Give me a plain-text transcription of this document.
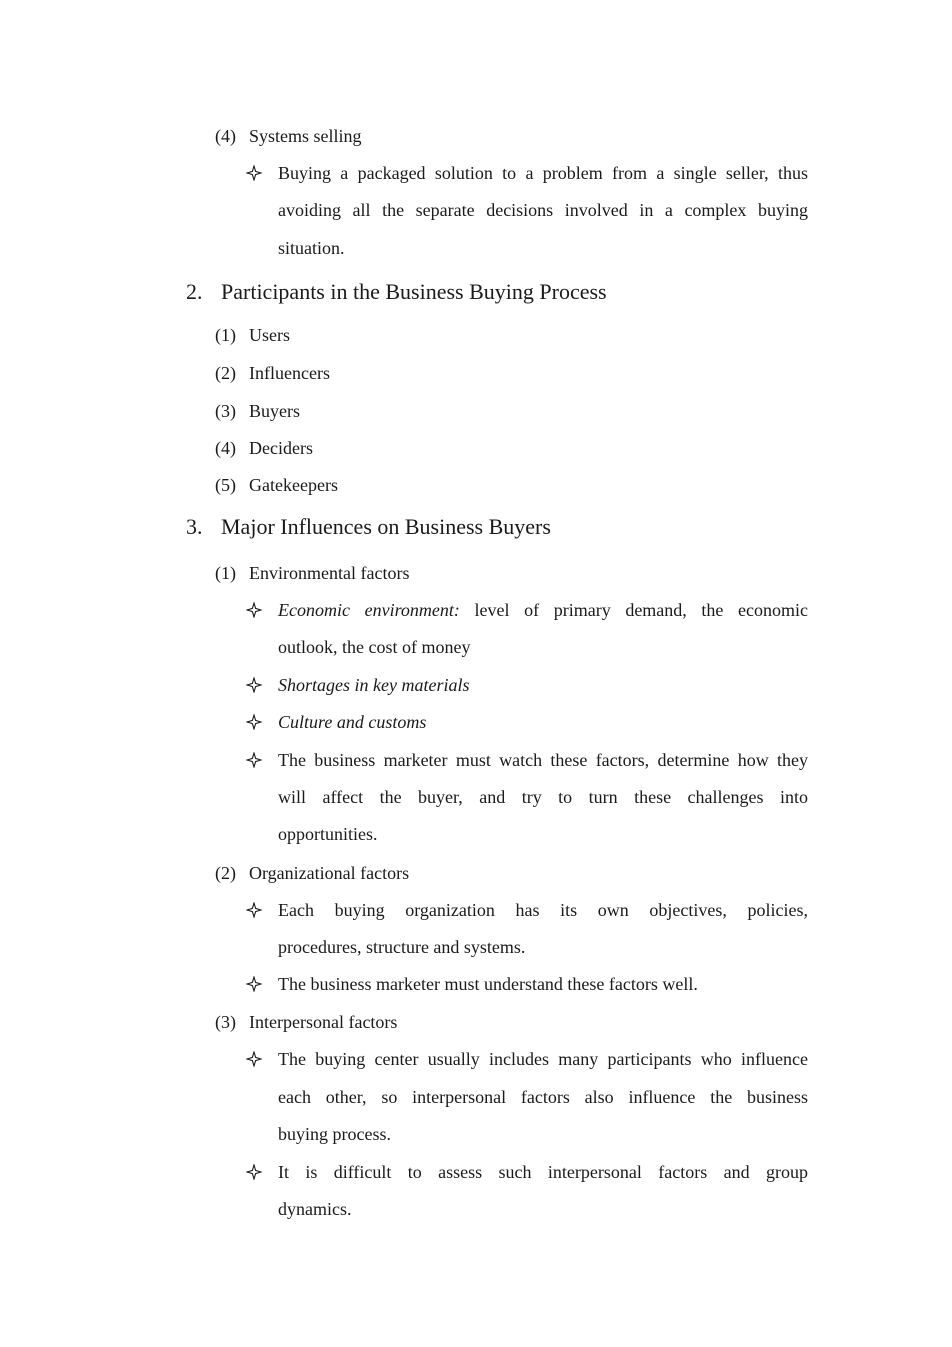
(4) Systems selling
Buying a packaged solution to a problem from a single seller, thus
avoiding all the separate decisions involved in a complex buying
situation.
2. Participants in the Business Buying Process
(1) Users
(2) Influencers
(3) Buyers
(4) Deciders
(5) Gatekeepers
3. Major Influences on Business Buyers
(1) Environmental factors
Economic environment: level of primary demand, the economic
outlook, the cost of money
Shortages in key materials
Culture and customs
The business marketer must watch these factors, determine how they
will affect the buyer, and try to turn these challenges into
opportunities.
(2) Organizational factors
Each buying organization has its own objectives, policies,
procedures, structure and systems.
The business marketer must understand these factors well.
(3) Interpersonal factors
The buying center usually includes many participants who influence
each other, so interpersonal factors also influence the business
buying process.
It is difficult to assess such interpersonal factors and group
dynamics.
